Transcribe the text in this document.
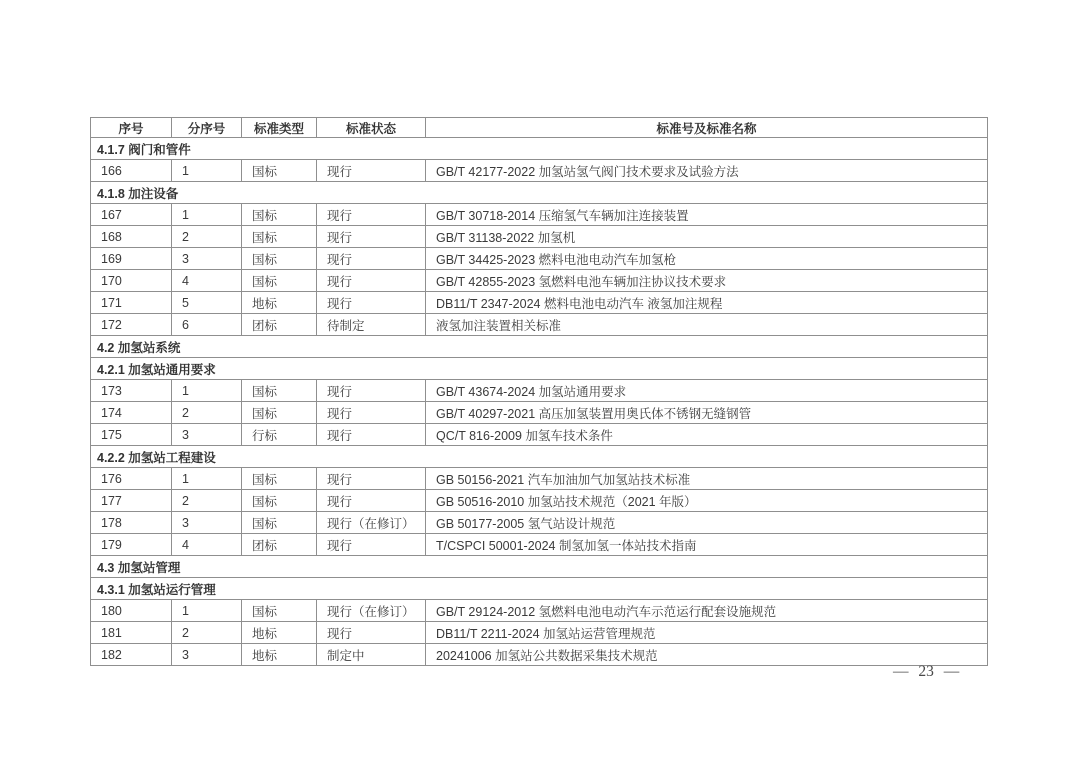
序号	分序号	标准类型	标准状态	标准号及标准名称
4.1.7 阀门和管件				
166	1	国标	现行	GB/T 42177-2022 加氢站氢气阀门技术要求及试验方法
4.1.8 加注设备				
167	1	国标	现行	GB/T 30718-2014 压缩氢气车辆加注连接装置
168	2	国标	现行	GB/T 31138-2022 加氢机
169	3	国标	现行	GB/T 34425-2023 燃料电池电动汽车加氢枪
170	4	国标	现行	GB/T 42855-2023 氢燃料电池车辆加注协议技术要求
171	5	地标	现行	DB11/T 2347-2024 燃料电池电动汽车 液氢加注规程
172	6	团标	待制定	液氢加注装置相关标准
4.2 加氢站系统				
4.2.1 加氢站通用要求				
173	1	国标	现行	GB/T 43674-2024 加氢站通用要求
174	2	国标	现行	GB/T 40297-2021 高压加氢装置用奥氏体不锈钢无缝钢管
175	3	行标	现行	QC/T 816-2009 加氢车技术条件
4.2.2 加氢站工程建设				
176	1	国标	现行	GB 50156-2021 汽车加油加气加氢站技术标准
177	2	国标	现行	GB 50516-2010 加氢站技术规范（2021 年版）
178	3	国标	现行（在修订）	GB 50177-2005 氢气站设计规范
179	4	团标	现行	T/CSPCI 50001-2024 制氢加氢一体站技术指南
4.3 加氢站管理				
4.3.1 加氢站运行管理				
180	1	国标	现行（在修订）	GB/T 29124-2012 氢燃料电池电动汽车示范运行配套设施规范
181	2	地标	现行	DB11/T 2211-2024 加氢站运营管理规范
182	3	地标	制定中	20241006 加氢站公共数据采集技术规范
— 23 —
